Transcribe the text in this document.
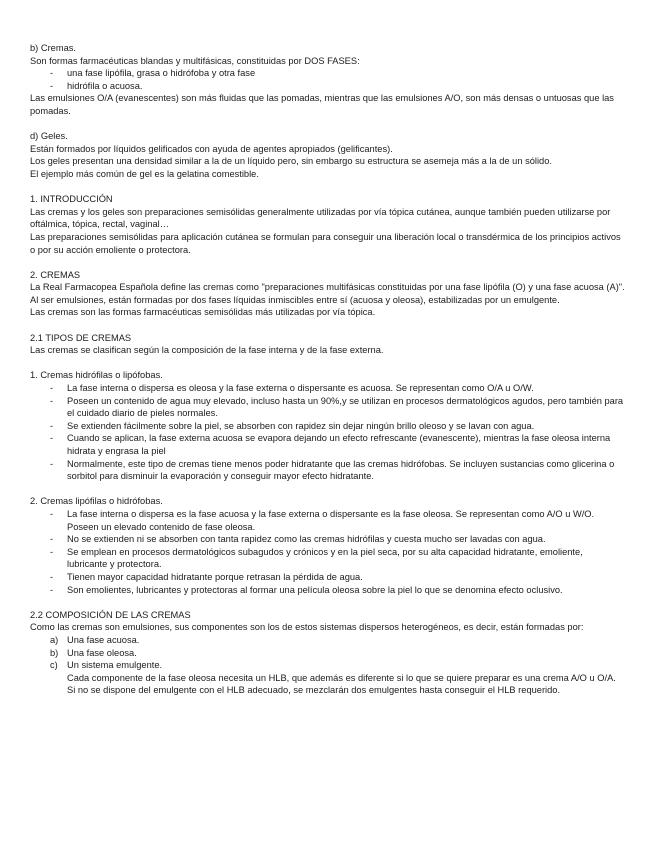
b) Cremas.

Son formas farmacéuticas blandas y multifásicas, constituidas por DOS FASES:

- una fase lipófila, grasa o hidrófoba y otra fase
- hidrófila o acuosa.

Las emulsiones O/A (evanescentes) son más fluidas que las pomadas, mientras que las emulsiones A/O, son más densas o untuosas que las pomadas.

d) Geles.

Están formados por líquidos gelificados con ayuda de agentes apropiados (gelificantes).

Los geles presentan una densidad similar a la de un líquido pero, sin embargo su estructura se asemeja más a la de un sólido.

El ejemplo más común de gel es la gelatina comestible.

1. INTRODUCCIÓN

Las cremas y los geles son preparaciones semisólidas generalmente utilizadas por vía tópica cutánea, aunque también pueden utilizarse por oftálmica, tópica, rectal, vaginal…

Las preparaciones semisólidas para aplicación cutánea se formulan para conseguir una liberación local o transdérmica de los principios activos o por su acción emoliente o protectora.

2. CREMAS

La Real Farmacopea Española define las cremas como "preparaciones multifásicas constituidas por una fase lipófila (O) y una fase acuosa (A)".

Al ser emulsiones, están formadas por dos fases líquidas inmiscibles entre sí (acuosa y oleosa), estabilizadas por un emulgente.

Las cremas son las formas farmacéuticas semisólidas más utilizadas por vía tópica.

2.1 TIPOS DE CREMAS

Las cremas se clasifican según la composición de la fase interna y de la fase externa.

1. Cremas hidrófilas o lipófobas.

- La fase interna o dispersa es oleosa y la fase externa o dispersante es acuosa. Se representan como O/A u O/W.
- Poseen un contenido de agua muy elevado, incluso hasta un 90%,y se utilizan en procesos dermatológicos agudos, pero también para el cuidado diario de pieles normales.
- Se extienden fácilmente sobre la piel, se absorben con rapidez sin dejar ningún brillo oleoso y se lavan con agua.
- Cuando se aplican, la fase externa acuosa se evapora dejando un efecto refrescante (evanescente), mientras la fase oleosa interna hidrata y engrasa la piel
- Normalmente, este tipo de cremas tiene menos poder hidratante que las cremas hidrófobas. Se incluyen sustancias como glicerina o sorbitol para disminuir la evaporación y conseguir mayor efecto hidratante.

2. Cremas lipófilas o hidrófobas.

- La fase interna o dispersa es la fase acuosa y la fase externa o dispersante es la fase oleosa. Se representan como A/O u W/O. Poseen un elevado contenido de fase oleosa.
- No se extienden ni se absorben con tanta rapidez como las cremas hidrófilas y cuesta mucho ser lavadas con agua.
- Se emplean en procesos dermatológicos subagudos y crónicos y en la piel seca, por su alta capacidad hidratante, emoliente, lubricante y protectora.
- Tienen mayor capacidad hidratante porque retrasan la pérdida de agua.
- Son emolientes, lubricantes y protectoras al formar una película oleosa sobre la piel lo que se denomina efecto oclusivo.

2.2 COMPOSICIÓN DE LAS CREMAS

Como las cremas son emulsiones, sus componentes son los de estos sistemas dispersos heterogéneos, es decir, están formadas por:

a) Una fase acuosa.
b) Una fase oleosa.
c) Un sistema emulgente.

Cada componente de la fase oleosa necesita un HLB, que además es diferente si lo que se quiere preparar es una crema A/O u O/A. Si no se dispone del emulgente con el HLB adecuado, se mezclarán dos emulgentes hasta conseguir el HLB requerido.
